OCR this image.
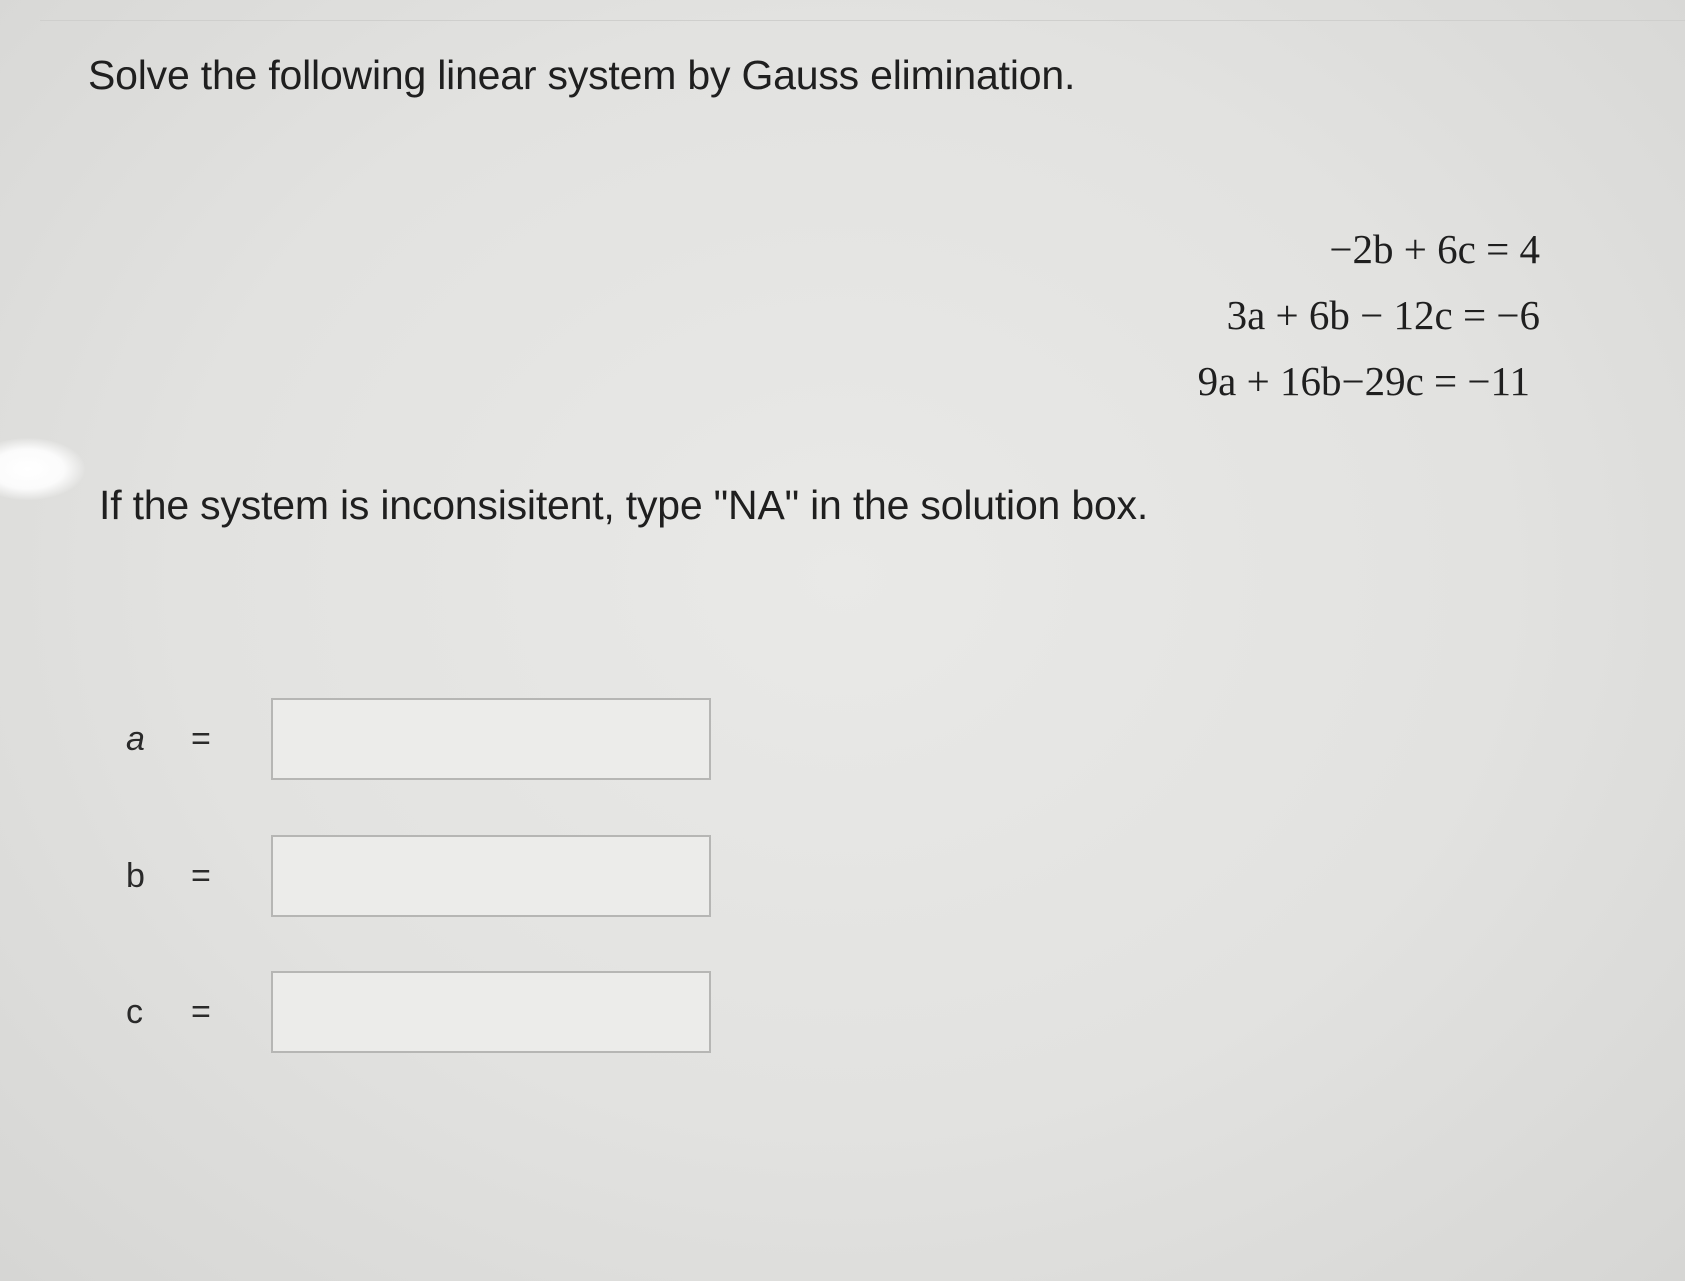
Solve the following linear system by Gauss elimination.
−2b + 6c = 4
3a + 6b − 12c = −6
9a + 16b−29c = −11
If the system is inconsisitent, type "NA" in the solution box.
a =
b =
c =
